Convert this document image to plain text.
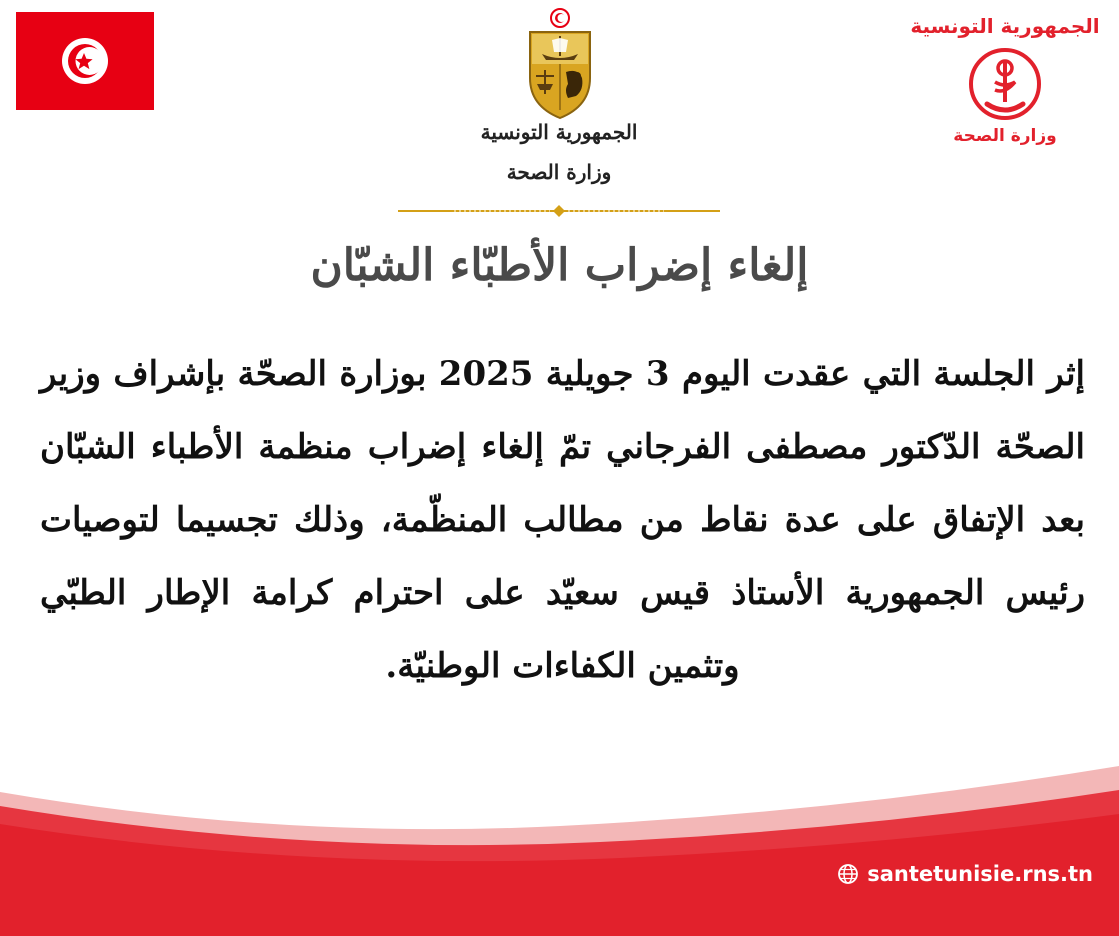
الجمهورية التونسية
وزارة الصحة
الجمهورية التونسية
وزارة الصحة
إلغاء إضراب الأطبّاء الشبّان
إثر الجلسة التي عقدت اليوم 3 جويلية 2025 بوزارة الصحّة بإشراف وزير الصحّة الدّكتور مصطفى الفرجاني تمّ إلغاء إضراب منظمة الأطباء الشبّان بعد الإتفاق على عدة نقاط من مطالب المنظّمة، وذلك تجسيما لتوصيات رئيس الجمهورية الأستاذ قيس سعيّد على احترام كرامة الإطار الطبّي وتثمين الكفاءات الوطنيّة.
santetunisie.rns.tn
